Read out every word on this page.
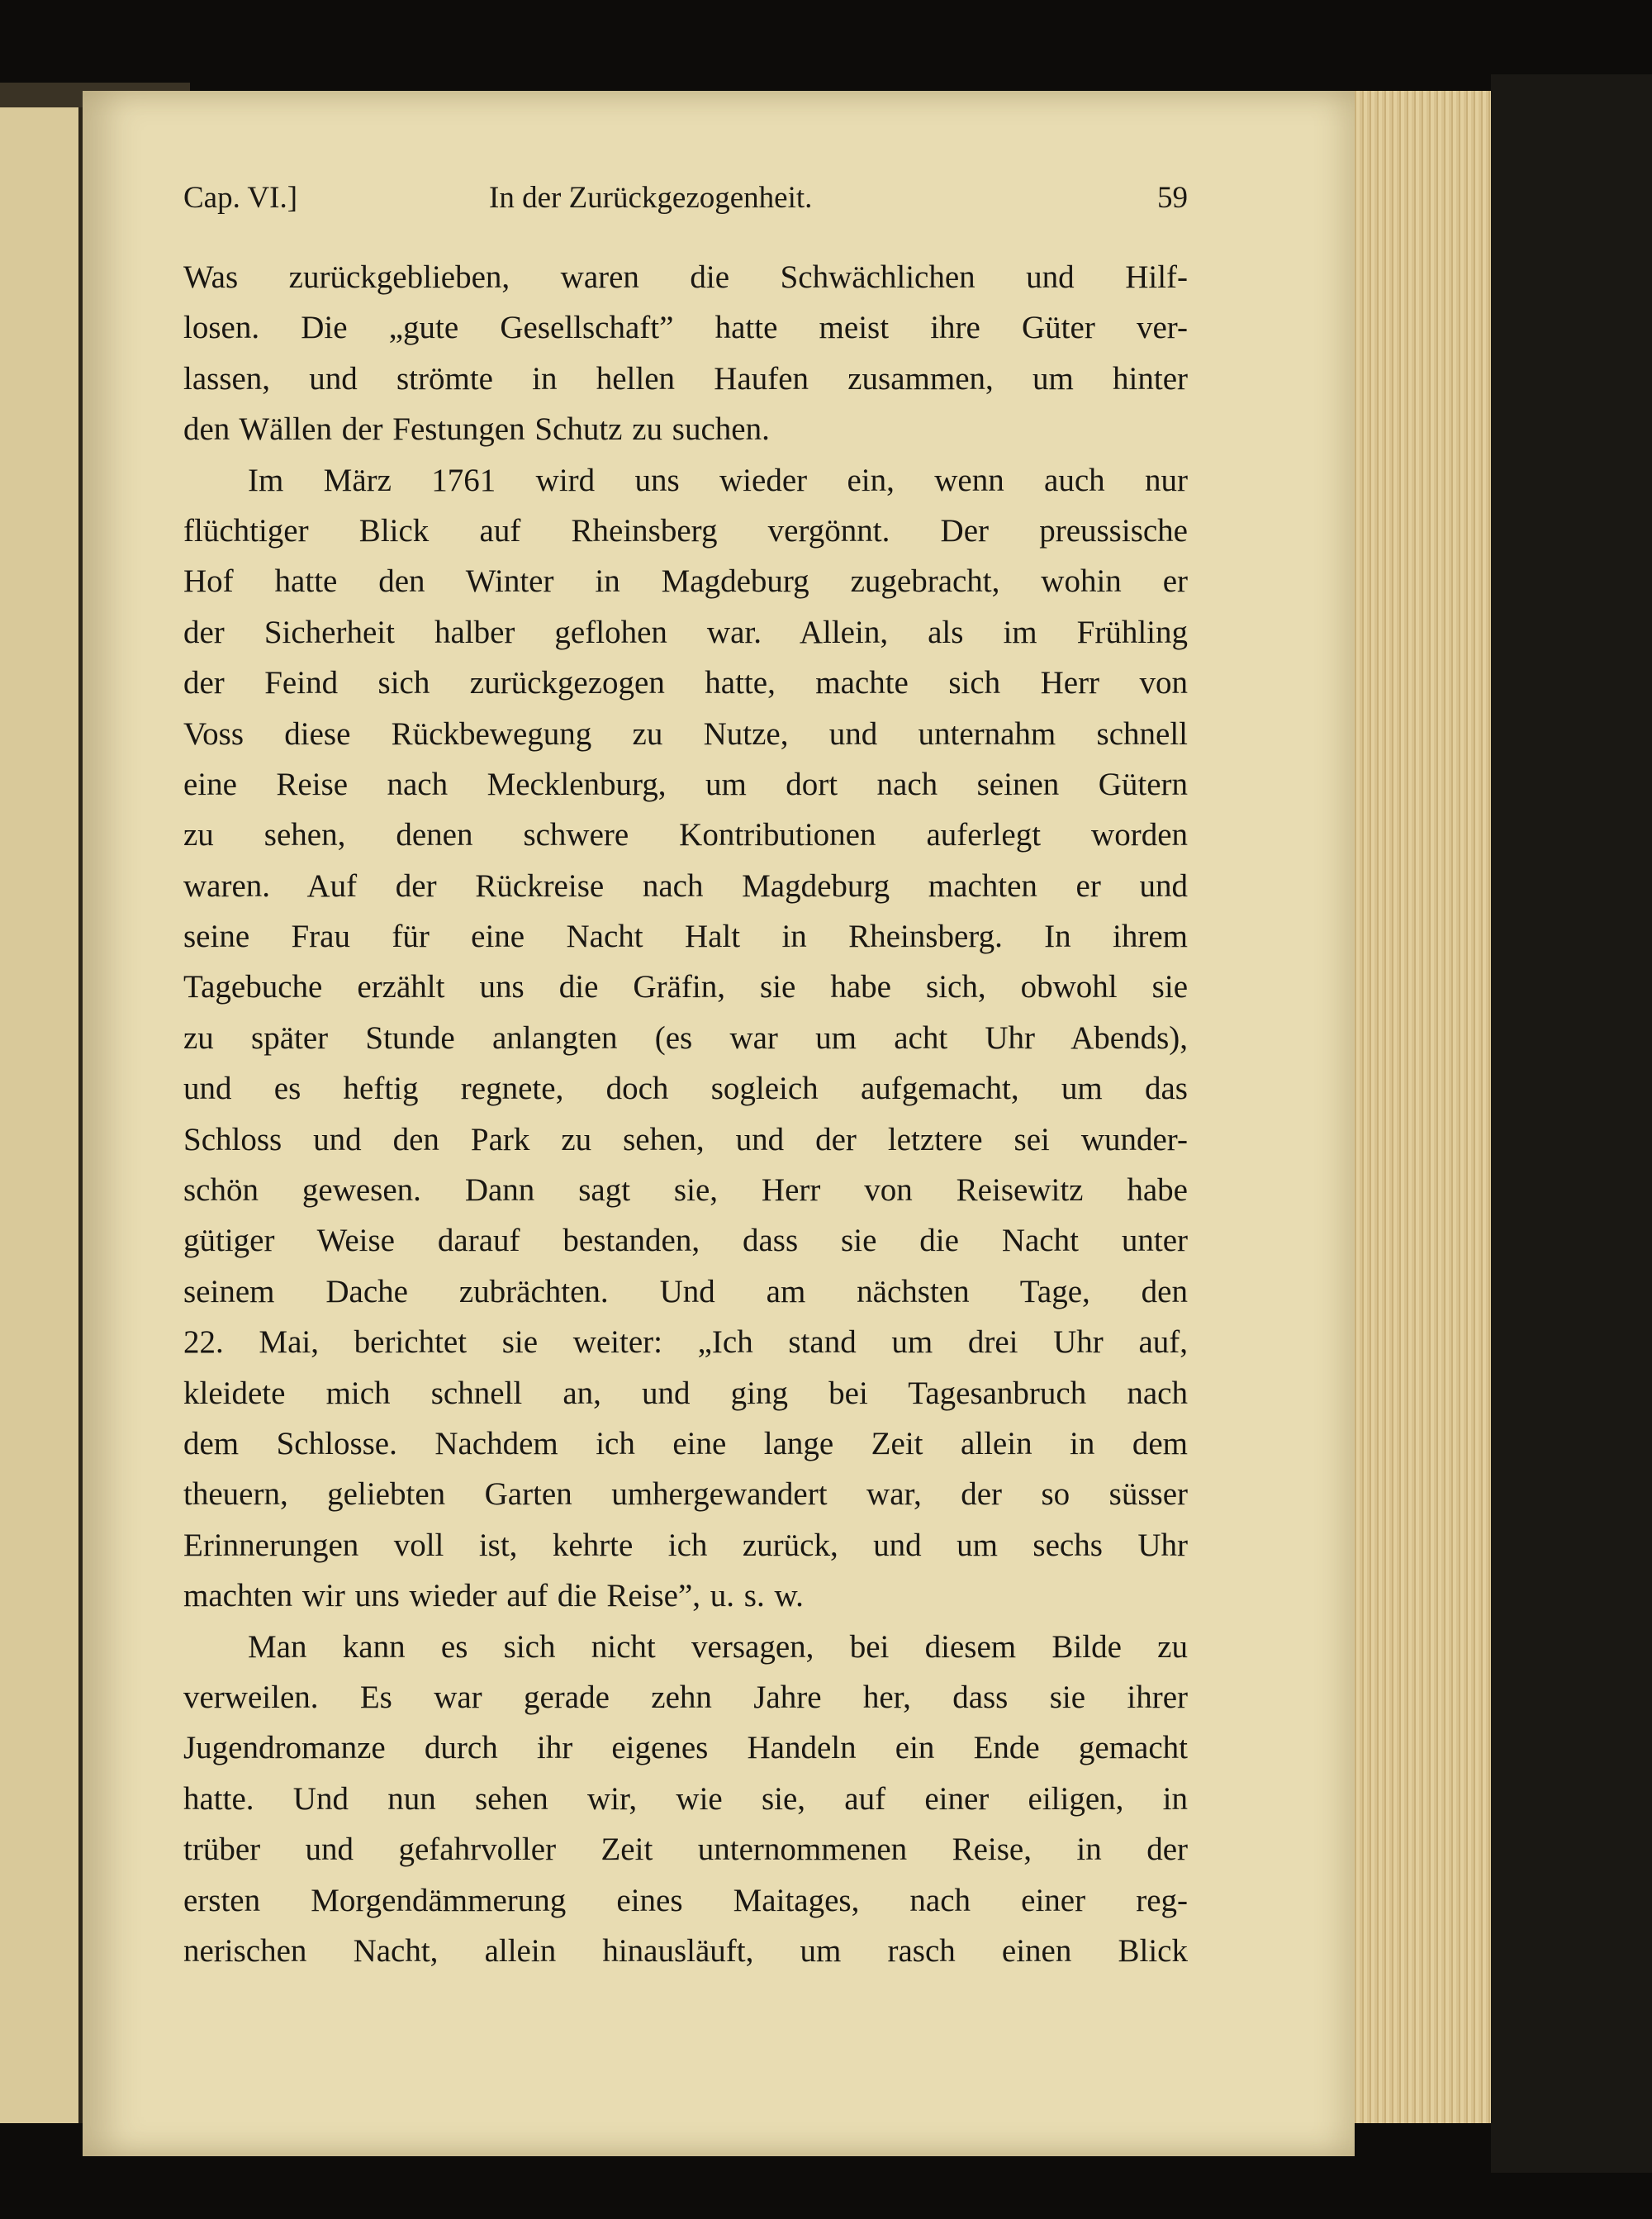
Cap. VI.]	In der Zurückgezogenheit.	59
Was zurückgeblieben, waren die Schwächlichen und Hilf-
losen. Die „gute Gesellschaft” hatte meist ihre Güter ver-
lassen, und strömte in hellen Haufen zusammen, um hinter
den Wällen der Festungen Schutz zu suchen.
Im März 1761 wird uns wieder ein, wenn auch nur
flüchtiger Blick auf Rheinsberg vergönnt. Der preussische
Hof hatte den Winter in Magdeburg zugebracht, wohin er
der Sicherheit halber geflohen war. Allein, als im Frühling
der Feind sich zurückgezogen hatte, machte sich Herr von
Voss diese Rückbewegung zu Nutze, und unternahm schnell
eine Reise nach Mecklenburg, um dort nach seinen Gütern
zu sehen, denen schwere Kontributionen auferlegt worden
waren. Auf der Rückreise nach Magdeburg machten er und
seine Frau für eine Nacht Halt in Rheinsberg. In ihrem
Tagebuche erzählt uns die Gräfin, sie habe sich, obwohl sie
zu später Stunde anlangten (es war um acht Uhr Abends),
und es heftig regnete, doch sogleich aufgemacht, um das
Schloss und den Park zu sehen, und der letztere sei wunder-
schön gewesen. Dann sagt sie, Herr von Reisewitz habe
gütiger Weise darauf bestanden, dass sie die Nacht unter
seinem Dache zubrächten. Und am nächsten Tage, den
22. Mai, berichtet sie weiter: „Ich stand um drei Uhr auf,
kleidete mich schnell an, und ging bei Tagesanbruch nach
dem Schlosse. Nachdem ich eine lange Zeit allein in dem
theuern, geliebten Garten umhergewandert war, der so süsser
Erinnerungen voll ist, kehrte ich zurück, und um sechs Uhr
machten wir uns wieder auf die Reise”, u. s. w.
Man kann es sich nicht versagen, bei diesem Bilde zu
verweilen. Es war gerade zehn Jahre her, dass sie ihrer
Jugendromanze durch ihr eigenes Handeln ein Ende gemacht
hatte. Und nun sehen wir, wie sie, auf einer eiligen, in
trüber und gefahrvoller Zeit unternommenen Reise, in der
ersten Morgendämmerung eines Maitages, nach einer reg-
nerischen Nacht, allein hinausläuft, um rasch einen Blick
